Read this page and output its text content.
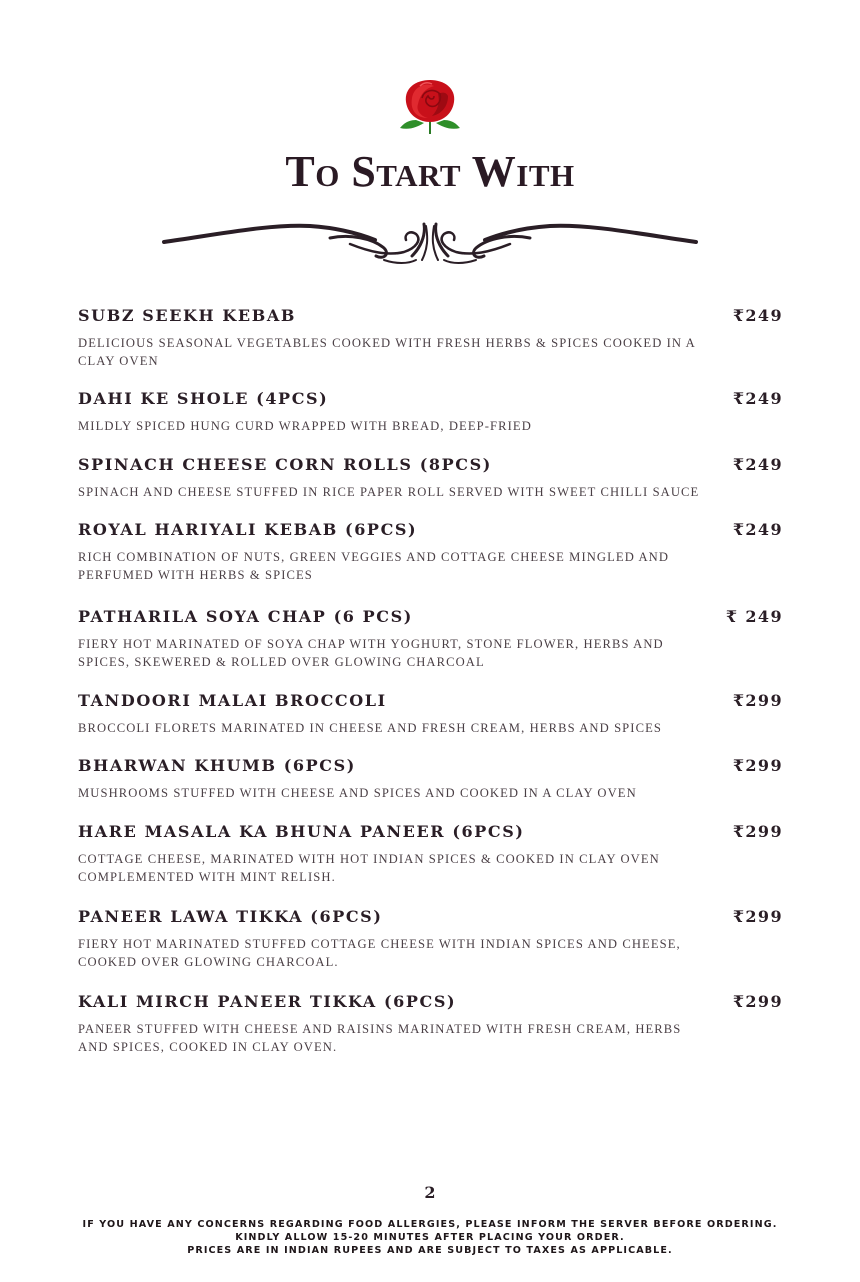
To Start With
SUBZ SEEKH KEBAB	₹249
DELICIOUS SEASONAL VEGETABLES COOKED WITH FRESH HERBS & SPICES COOKED IN A CLAY OVEN
DAHI KE SHOLE (4PCS)	₹249
MILDLY SPICED HUNG CURD WRAPPED WITH BREAD, DEEP-FRIED
SPINACH CHEESE CORN ROLLS (8PCS)	₹249
SPINACH AND CHEESE STUFFED IN RICE PAPER ROLL SERVED WITH SWEET CHILLI SAUCE
ROYAL HARIYALI KEBAB (6PCS)	₹249
RICH COMBINATION OF NUTS, GREEN VEGGIES AND COTTAGE CHEESE MINGLED AND PERFUMED WITH HERBS & SPICES
PATHARILA SOYA CHAP (6 PCS)	₹ 249
FIERY HOT MARINATED OF SOYA CHAP WITH YOGHURT, STONE FLOWER, HERBS AND SPICES, SKEWERED & ROLLED OVER GLOWING CHARCOAL
TANDOORI MALAI BROCCOLI	₹299
BROCCOLI FLORETS MARINATED IN CHEESE AND FRESH CREAM, HERBS AND SPICES
BHARWAN KHUMB (6PCS)	₹299
MUSHROOMS STUFFED WITH CHEESE AND SPICES AND COOKED IN A CLAY OVEN
HARE MASALA KA BHUNA PANEER (6PCS)	₹299
COTTAGE CHEESE, MARINATED WITH HOT INDIAN SPICES & COOKED IN CLAY OVEN COMPLEMENTED WITH MINT RELISH.
PANEER LAWA TIKKA (6PCS)	₹299
FIERY HOT MARINATED STUFFED COTTAGE CHEESE WITH INDIAN SPICES AND CHEESE, COOKED OVER GLOWING CHARCOAL.
KALI MIRCH PANEER TIKKA (6PCS)	₹299
PANEER STUFFED WITH CHEESE AND RAISINS MARINATED WITH FRESH CREAM, HERBS AND SPICES, COOKED IN CLAY OVEN.
2
IF YOU HAVE ANY CONCERNS REGARDING FOOD ALLERGIES, PLEASE INFORM THE SERVER BEFORE ORDERING.
KINDLY ALLOW 15-20 MINUTES AFTER PLACING YOUR ORDER.
PRICES ARE IN INDIAN RUPEES AND ARE SUBJECT TO TAXES AS APPLICABLE.
